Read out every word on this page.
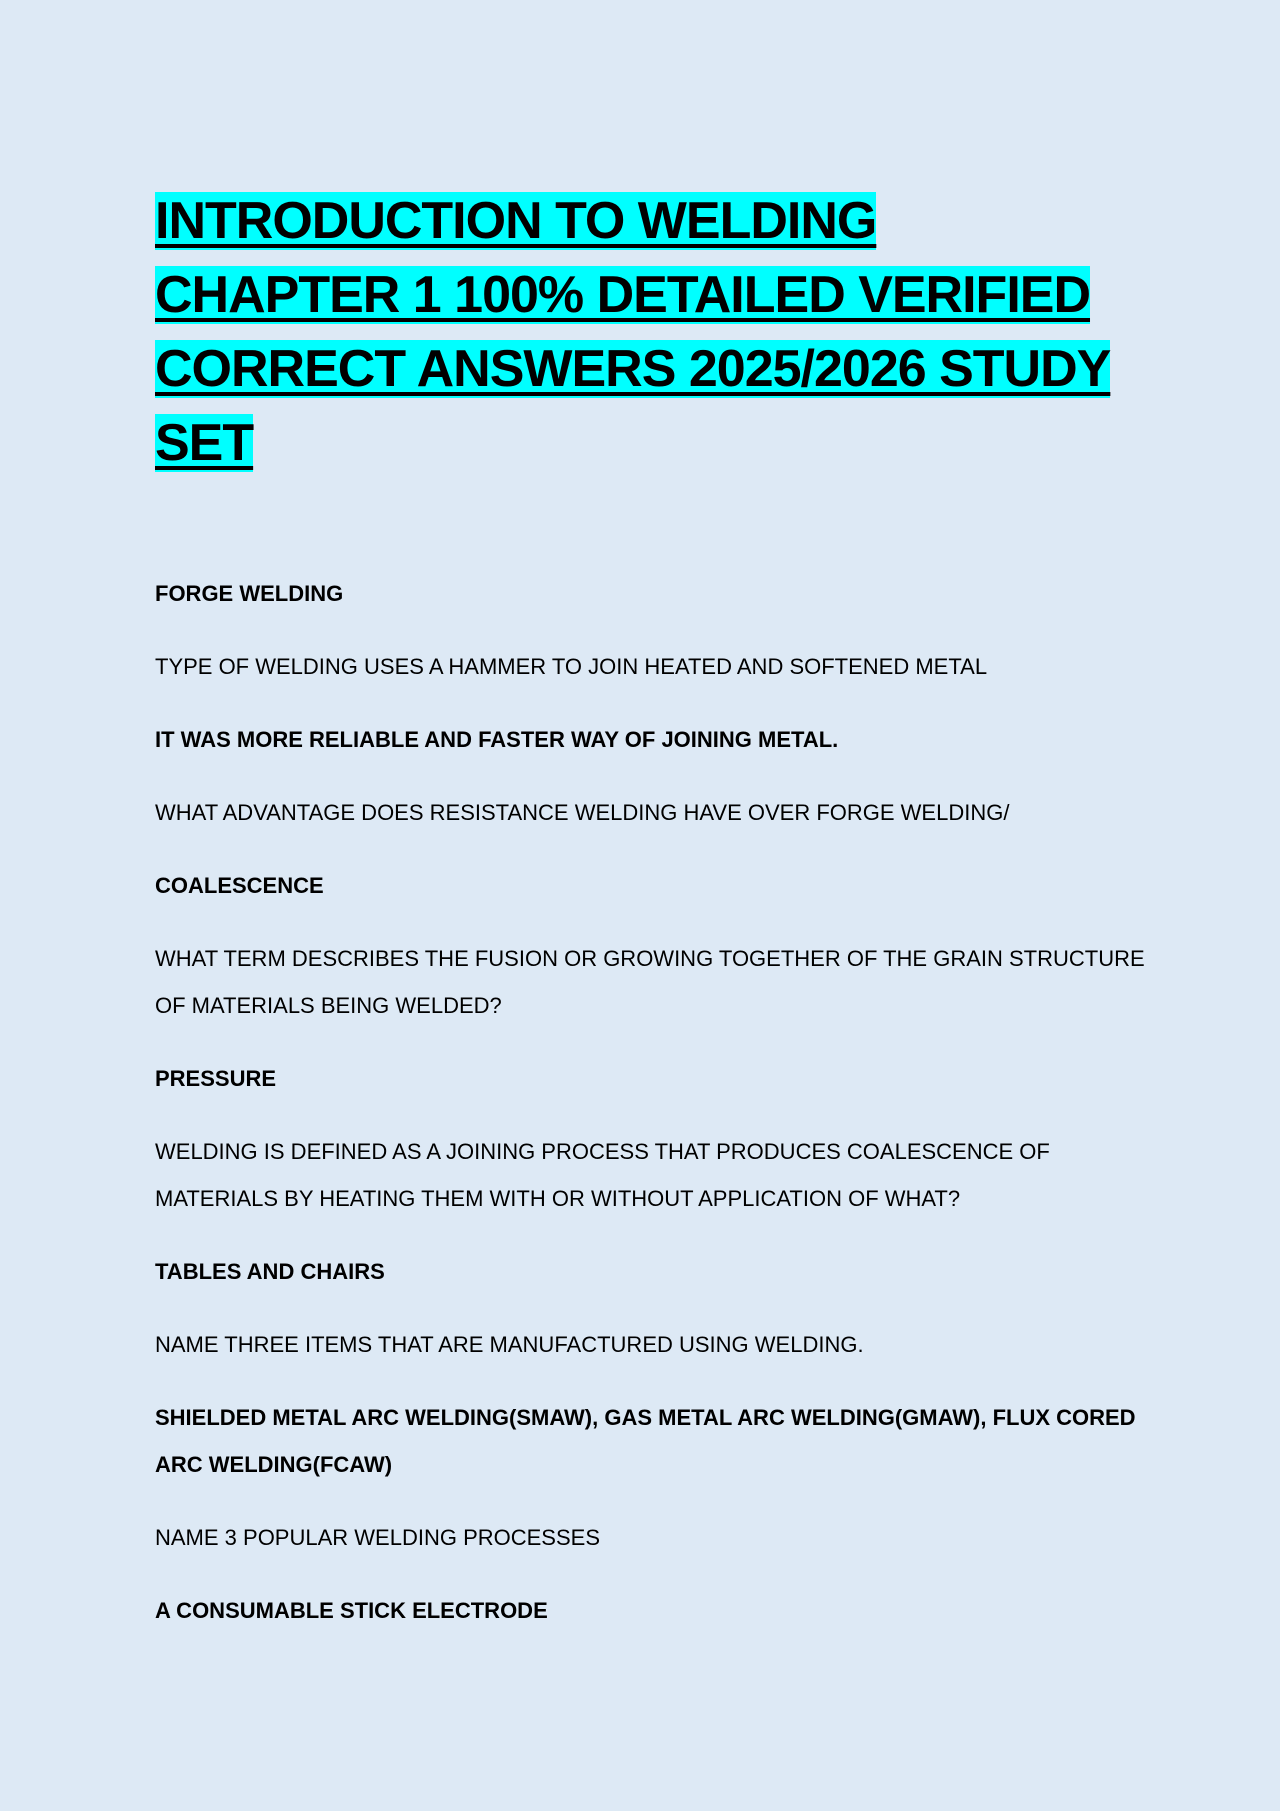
INTRODUCTION TO WELDING
CHAPTER 1 100% DETAILED VERIFIED
CORRECT ANSWERS 2025/2026 STUDY
SET

FORGE WELDING

TYPE OF WELDING USES A HAMMER TO JOIN HEATED AND SOFTENED METAL

IT WAS MORE RELIABLE AND FASTER WAY OF JOINING METAL.

WHAT ADVANTAGE DOES RESISTANCE WELDING HAVE OVER FORGE WELDING/

COALESCENCE

WHAT TERM DESCRIBES THE FUSION OR GROWING TOGETHER OF THE GRAIN STRUCTURE OF MATERIALS BEING WELDED?

PRESSURE

WELDING IS DEFINED AS A JOINING PROCESS THAT PRODUCES COALESCENCE OF MATERIALS BY HEATING THEM WITH OR WITHOUT APPLICATION OF WHAT?

TABLES AND CHAIRS

NAME THREE ITEMS THAT ARE MANUFACTURED USING WELDING.

SHIELDED METAL ARC WELDING(SMAW), GAS METAL ARC WELDING(GMAW), FLUX CORED ARC WELDING(FCAW)

NAME 3 POPULAR WELDING PROCESSES

A CONSUMABLE STICK ELECTRODE
